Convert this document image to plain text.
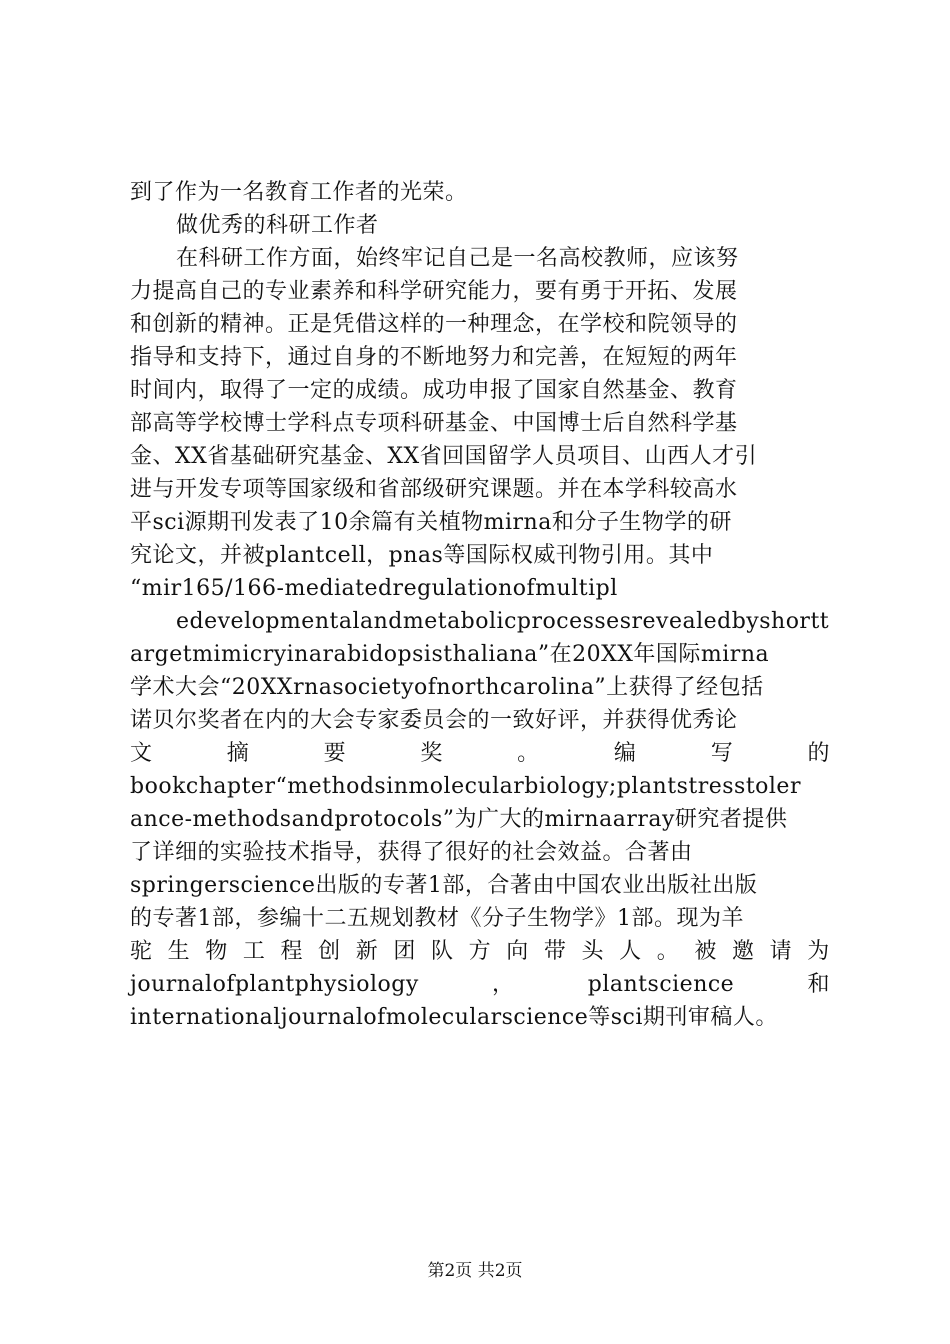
到了作为一名教育工作者的光荣。
做优秀的科研工作者
在科研工作方面，始终牢记自己是一名高校教师，应该努
力提高自己的专业素养和科学研究能力，要有勇于开拓、发展
和创新的精神。正是凭借这样的一种理念，在学校和院领导的
指导和支持下，通过自身的不断地努力和完善，在短短的两年
时间内，取得了一定的成绩。成功申报了国家自然基金、教育
部高等学校博士学科点专项科研基金、中国博士后自然科学基
金、XX省基础研究基金、XX省回国留学人员项目、山西人才引
进与开发专项等国家级和省部级研究课题。并在本学科较高水
平sci源期刊发表了10余篇有关植物mirna和分子生物学的研
究论文，并被plantcell，pnas等国际权威刊物引用。其中
“mir165/166-mediatedregulationofmultipl
edevelopmentalandmetabolicprocessesrevealedbyshortt
argetmimicryinarabidopsisthaliana”在20XX年国际mirna
学术大会“20XXrnasocietyofnorthcarolina”上获得了经包括
诺贝尔奖者在内的大会专家委员会的一致好评，并获得优秀论
文	摘	要	奖	。	编	写	的
bookchapter“methodsinmolecularbiology;plantstresstoler
ance-methodsandprotocols”为广大的mirnaarray研究者提供
了详细的实验技术指导，获得了很好的社会效益。合著由
springerscience出版的专著1部，合著由中国农业出版社出版
的专著1部，参编十二五规划教材《分子生物学》1部。现为羊
驼 生 物 工 程 创 新 团 队 方 向 带 头 人 。 被 邀 请 为
journalofplantphysiology	，	plantscience	和
internationaljournalofmolecularscience等sci期刊审稿人。
第2页 共2页
